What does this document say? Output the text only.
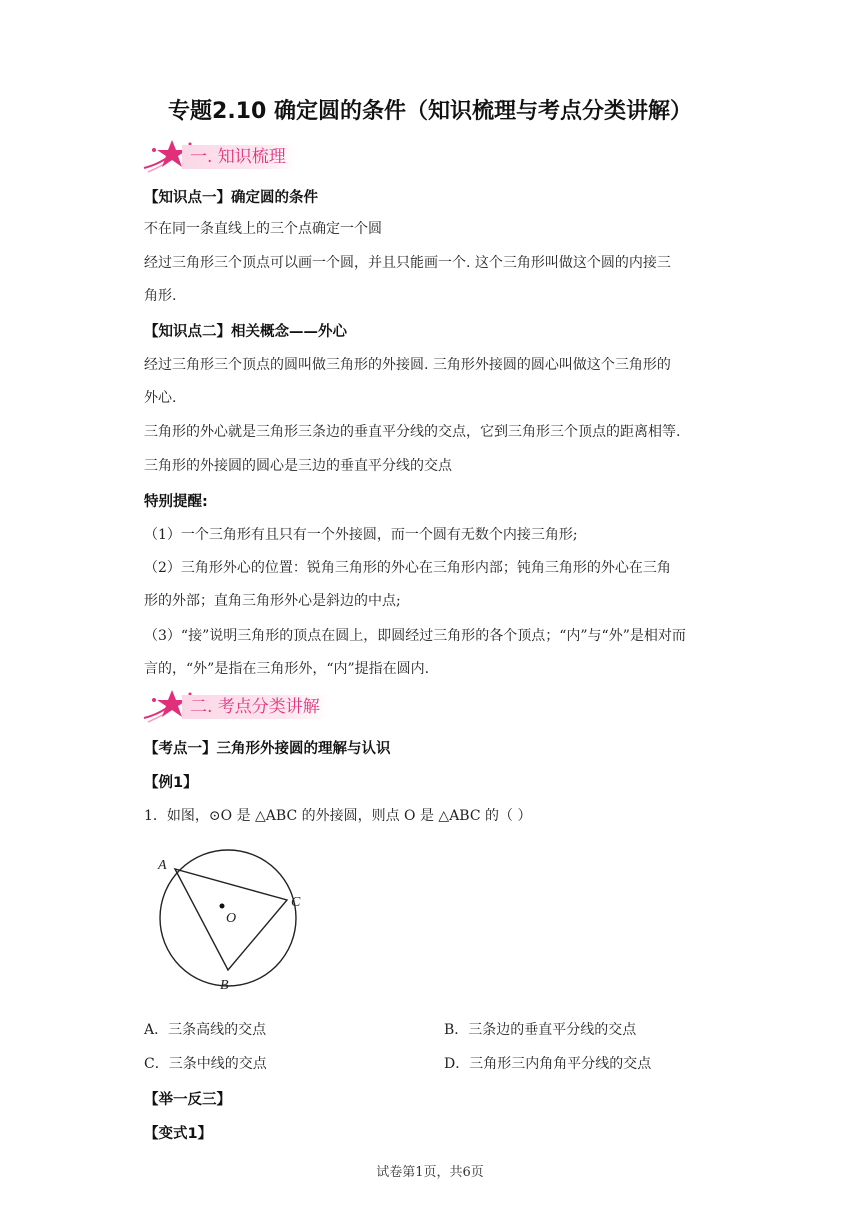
专题2.10 确定圆的条件（知识梳理与考点分类讲解）
一. 知识梳理
【知识点一】确定圆的条件
不在同一条直线上的三个点确定一个圆
经过三角形三个顶点可以画一个圆，并且只能画一个. 这个三角形叫做这个圆的内接三
角形.
【知识点二】相关概念——外心
经过三角形三个顶点的圆叫做三角形的外接圆. 三角形外接圆的圆心叫做这个三角形的
外心.
三角形的外心就是三角形三条边的垂直平分线的交点，它到三角形三个顶点的距离相等.
三角形的外接圆的圆心是三边的垂直平分线的交点
特别提醒:
（1）一个三角形有且只有一个外接圆，而一个圆有无数个内接三角形;
（2）三角形外心的位置：锐角三角形的外心在三角形内部；钝角三角形的外心在三角
形的外部；直角三角形外心是斜边的中点;
（3）“接”说明三角形的顶点在圆上，即圆经过三角形的各个顶点；“内”与“外”是相对而
言的，“外”是指在三角形外，“内”提指在圆内.
二. 考点分类讲解
【考点一】三角形外接圆的理解与认识
【例1】
1．如图，⊙O 是 △ABC 的外接圆，则点 O 是 △ABC 的（ ）
A
B
C
O
A．三条高线的交点	B．三条边的垂直平分线的交点
C．三条中线的交点	D．三角形三内角角平分线的交点
【举一反三】
【变式1】
试卷第1页，共6页
